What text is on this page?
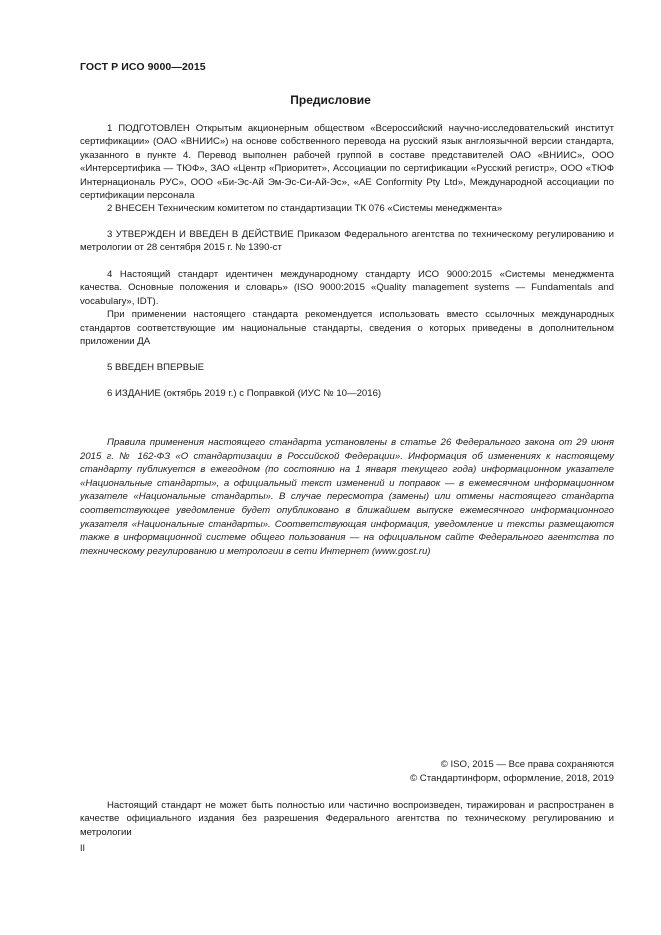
ГОСТ Р ИСО 9000—2015
Предисловие

1 ПОДГОТОВЛЕН Открытым акционерным обществом «Всероссийский научно-исследовательский институт сертификации» (ОАО «ВНИИС») на основе собственного перевода на русский язык англоязычной версии стандарта, указанного в пункте 4. Перевод выполнен рабочей группой в составе представителей ОАО «ВНИИС», ООО «Интерсертифика — ТЮФ», ЗАО «Центр «Приоритет», Ассоциации по сертификации «Русский регистр», ООО «ТЮФ Интернациональ РУС», ООО «Би-Эс-Ай Эм-Эс-Си-Ай-Эс», «АЕ Conformity Pty Ltd», Международной ассоциации по сертификации персонала

2 ВНЕСЕН Техническим комитетом по стандартизации ТК 076 «Системы менеджмента»

3 УТВЕРЖДЕН И ВВЕДЕН В ДЕЙСТВИЕ Приказом Федерального агентства по техническому регулированию и метрологии от 28 сентября 2015 г. № 1390-ст

4 Настоящий стандарт идентичен международному стандарту ИСО 9000:2015 «Системы менеджмента качества. Основные положения и словарь» (ISO 9000:2015 «Quality management systems — Fundamentals and vocabulary», IDT).

При применении настоящего стандарта рекомендуется использовать вместо ссылочных международных стандартов соответствующие им национальные стандарты, сведения о которых приведены в дополнительном приложении ДА

5 ВВЕДЕН ВПЕРВЫЕ

6 ИЗДАНИЕ (октябрь 2019 г.) с Поправкой (ИУС № 10—2016)

Правила применения настоящего стандарта установлены в статье 26 Федерального закона от 29 июня 2015 г. № 162-ФЗ «О стандартизации в Российской Федерации». Информация об изменениях к настоящему стандарту публикуется в ежегодном (по состоянию на 1 января текущего года) информационном указателе «Национальные стандарты», а официальный текст изменений и поправок — в ежемесячном информационном указателе «Национальные стандарты». В случае пересмотра (замены) или отмены настоящего стандарта соответствующее уведомление будет опубликовано в ближайшем выпуске ежемесячного информационного указателя «Национальные стандарты». Соответствующая информация, уведомление и тексты размещаются также в информационной системе общего пользования — на официальном сайте Федерального агентства по техническому регулированию и метрологии в сети Интернет (www.gost.ru)

© ISO, 2015 — Все права сохраняются
© Стандартинформ, оформление, 2018, 2019

Настоящий стандарт не может быть полностью или частично воспроизведен, тиражирован и распространен в качестве официального издания без разрешения Федерального агентства по техническому регулированию и метрологии

II
